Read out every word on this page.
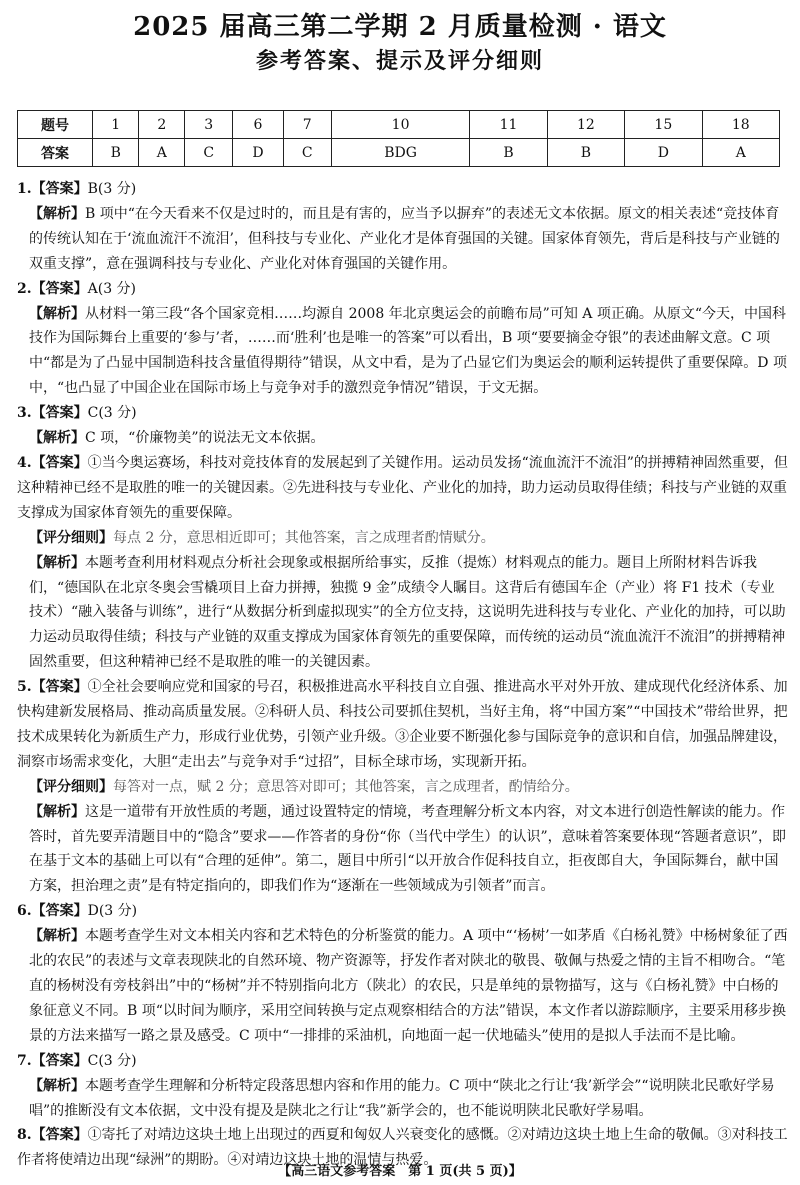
2025 届高三第二学期 2 月质量检测 · 语文
参考答案、提示及评分细则
题号	1	2	3	6	7	10	11	12	15	18
答案	B	A	C	D	C	BDG	B	B	D	A

1.【答案】B(3 分)

【解析】B 项中“在今天看来不仅是过时的，而且是有害的，应当予以摒弃”的表述无文本依据。原文的相关表述“竞技体育的传统认知在于‘流血流汗不流泪’，但科技与专业化、产业化才是体育强国的关键。国家体育领先，背后是科技与产业链的双重支撑”，意在强调科技与专业化、产业化对体育强国的关键作用。

2.【答案】A(3 分)

【解析】从材料一第三段“各个国家竞相……均源自 2008 年北京奥运会的前瞻布局”可知 A 项正确。从原文“今天，中国科技作为国际舞台上重要的‘参与’者，……而‘胜利’也是唯一的答案”可以看出，B 项“要要摘金夺银”的表述曲解文意。C 项中“都是为了凸显中国制造科技含量值得期待”错误，从文中看，是为了凸显它们为奥运会的顺利运转提供了重要保障。D 项中，“也凸显了中国企业在国际市场上与竞争对手的激烈竞争情况”错误，于文无据。

3.【答案】C(3 分)

【解析】C 项，“价廉物美”的说法无文本依据。

4.【答案】①当今奥运赛场，科技对竞技体育的发展起到了关键作用。运动员发扬“流血流汗不流泪”的拼搏精神固然重要，但这种精神已经不是取胜的唯一的关键因素。②先进科技与专业化、产业化的加持，助力运动员取得佳绩；科技与产业链的双重支撑成为国家体育领先的重要保障。

【评分细则】每点 2 分，意思相近即可；其他答案，言之成理者酌情赋分。

【解析】本题考查利用材料观点分析社会现象或根据所给事实，反推（提炼）材料观点的能力。题目上所附材料告诉我们，“德国队在北京冬奥会雪橇项目上奋力拼搏，独揽 9 金”成绩令人瞩目。这背后有德国车企（产业）将 F1 技术（专业技术）“融入装备与训练”，进行“从数据分析到虚拟现实”的全方位支持，这说明先进科技与专业化、产业化的加持，可以助力运动员取得佳绩；科技与产业链的双重支撑成为国家体育领先的重要保障，而传统的运动员“流血流汗不流泪”的拼搏精神固然重要，但这种精神已经不是取胜的唯一的关键因素。

5.【答案】①全社会要响应党和国家的号召，积极推进高水平科技自立自强、推进高水平对外开放、建成现代化经济体系、加快构建新发展格局、推动高质量发展。②科研人员、科技公司要抓住契机，当好主角，将“中国方案”“中国技术”带给世界，把技术成果转化为新质生产力，形成行业优势，引领产业升级。③企业要不断强化参与国际竞争的意识和自信，加强品牌建设，洞察市场需求变化，大胆“走出去”与竞争对手“过招”，目标全球市场，实现新开拓。

【评分细则】每答对一点，赋 2 分；意思答对即可；其他答案，言之成理者，酌情给分。

【解析】这是一道带有开放性质的考题，通过设置特定的情境，考查理解分析文本内容，对文本进行创造性解读的能力。作答时，首先要弄清题目中的“隐含”要求——作答者的身份“你（当代中学生）的认识”，意味着答案要体现“答题者意识”，即在基于文本的基础上可以有“合理的延伸”。第二，题目中所引“以开放合作促科技自立，拒夜郎自大，争国际舞台，献中国方案，担治理之责”是有特定指向的，即我们作为“逐渐在一些领域成为引领者”而言。

6.【答案】D(3 分)

【解析】本题考查学生对文本相关内容和艺术特色的分析鉴赏的能力。A 项中“‘杨树’一如茅盾《白杨礼赞》中杨树象征了西北的农民”的表述与文章表现陕北的自然环境、物产资源等，抒发作者对陕北的敬畏、敬佩与热爱之情的主旨不相吻合。“笔直的杨树没有旁枝斜出”中的“杨树”并不特别指向北方（陕北）的农民，只是单纯的景物描写，这与《白杨礼赞》中白杨的象征意义不同。B 项“以时间为顺序，采用空间转换与定点观察相结合的方法”错误，本文作者以游踪顺序，主要采用移步换景的方法来描写一路之景及感受。C 项中“一排排的采油机，向地面一起一伏地磕头”使用的是拟人手法而不是比喻。

7.【答案】C(3 分)

【解析】本题考查学生理解和分析特定段落思想内容和作用的能力。C 项中“陕北之行让‘我’新学会”“说明陕北民歌好学易唱”的推断没有文本依据，文中没有提及是陕北之行让“我”新学会的，也不能说明陕北民歌好学易唱。

8.【答案】①寄托了对靖边这块土地上出现过的西夏和匈奴人兴衰变化的感慨。②对靖边这块土地上生命的敬佩。③对科技工作者将使靖边出现“绿洲”的期盼。④对靖边这块土地的温情与热爱。

【高三语文参考答案　第 1 页(共 5 页)】
